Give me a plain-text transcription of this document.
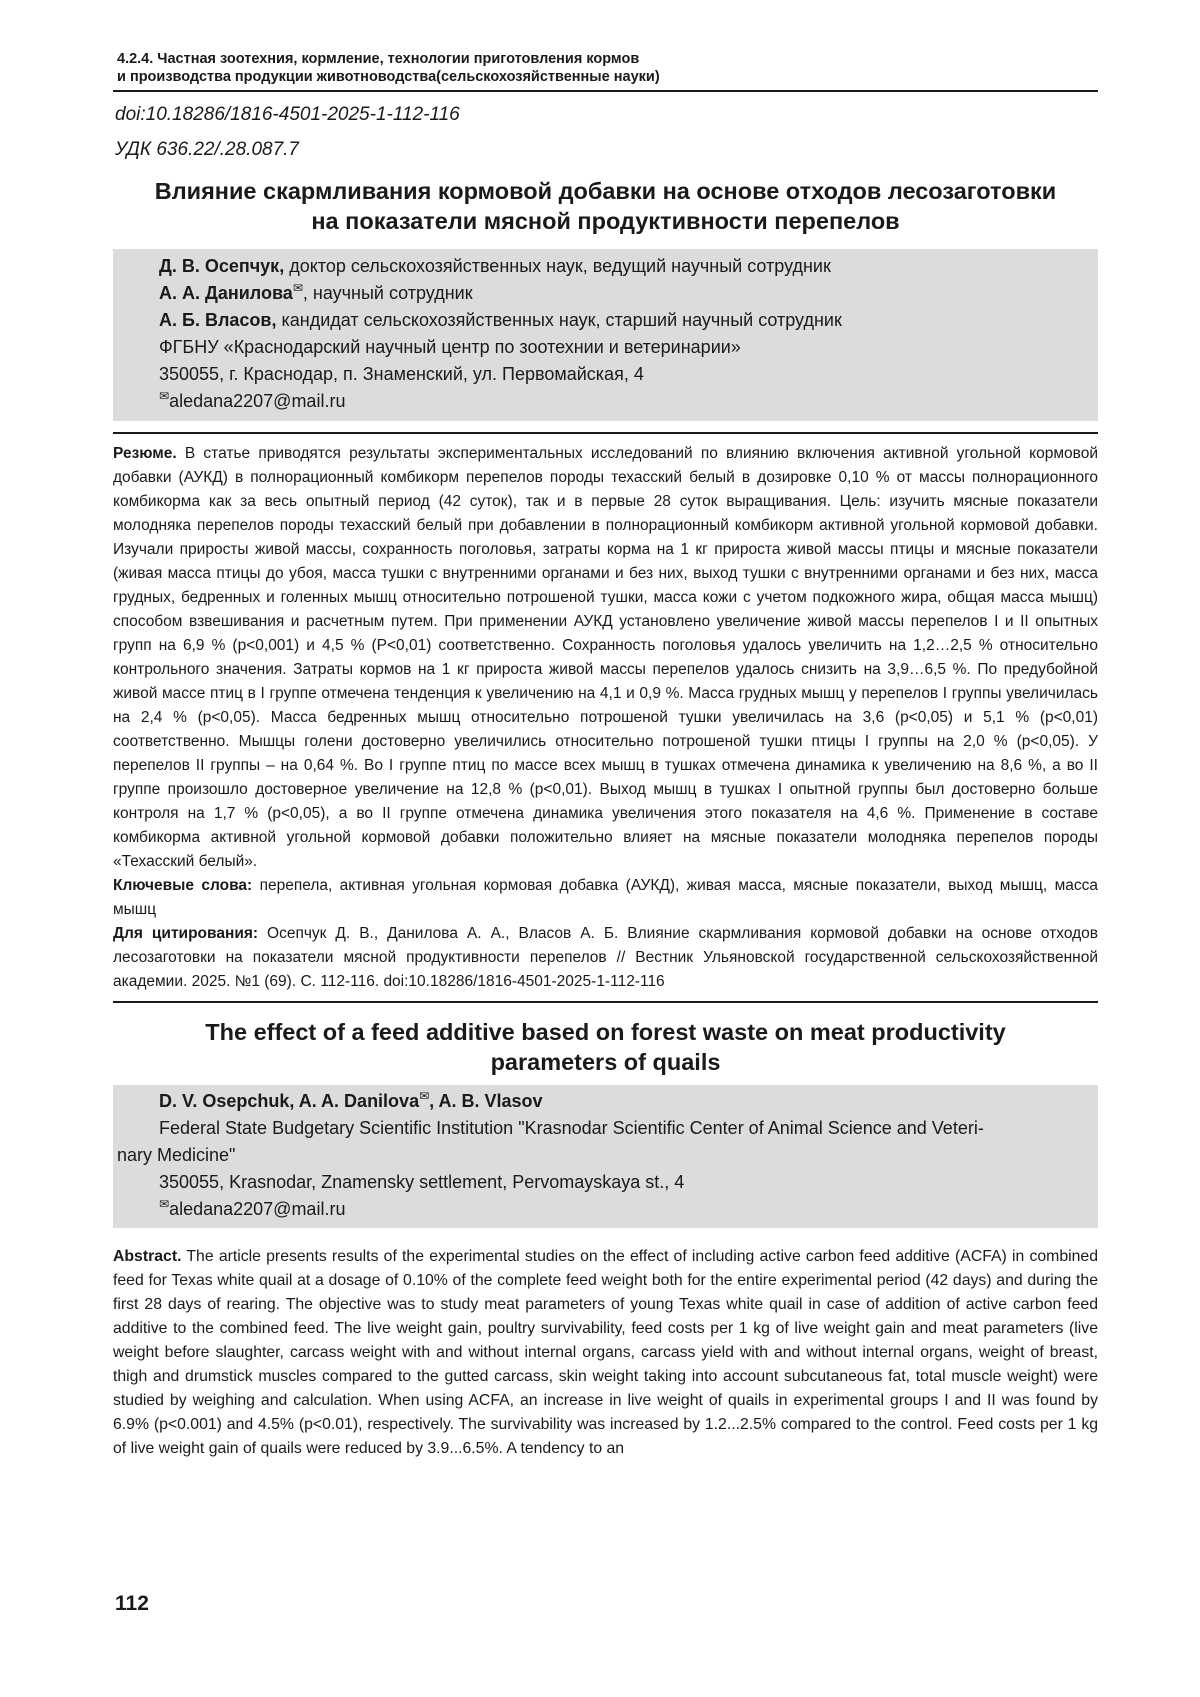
4.2.4. Частная зоотехния, кормление, технологии приготовления кормов
и производства продукции животноводства(сельскохозяйственные науки)
doi:10.18286/1816-4501-2025-1-112-116
УДК 636.22/.28.087.7
Влияние скармливания кормовой добавки на основе отходов лесозаготовки
на показатели мясной продуктивности перепелов
Д. В. Осепчук, доктор сельскохозяйственных наук, ведущий научный сотрудник
А. А. Данилова✉, научный сотрудник
А. Б. Власов, кандидат сельскохозяйственных наук, старший научный сотрудник
ФГБНУ «Краснодарский научный центр по зоотехнии и ветеринарии»
350055, г. Краснодар, п. Знаменский, ул. Первомайская, 4
✉aledana2207@mail.ru
Резюме. В статье приводятся результаты экспериментальных исследований по влиянию включения активной угольной кормовой добавки (АУКД) в полнорационный комбикорм перепелов породы техасский белый в дозировке 0,10 % от массы полнорационного комбикорма как за весь опытный период (42 суток), так и в первые 28 суток выращивания. Цель: изучить мясные показатели молодняка перепелов породы техасский белый при добавлении в полнорационный комбикорм активной угольной кормовой добавки. Изучали приросты живой массы, сохранность поголовья, затраты корма на 1 кг прироста живой массы птицы и мясные показатели (живая масса птицы до убоя, масса тушки с внутренними органами и без них, выход тушки с внутренними органами и без них, масса грудных, бедренных и голенных мышц относительно потрошеной тушки, масса кожи с учетом подкожного жира, общая масса мышц) способом взвешивания и расчетным путем. При применении АУКД установлено увеличение живой массы перепелов I и II опытных групп на 6,9 % (p<0,001) и 4,5 % (P<0,01) соответственно. Сохранность поголовья удалось увеличить на 1,2…2,5 % относительно контрольного значения. Затраты кормов на 1 кг прироста живой массы перепелов удалось снизить на 3,9…6,5 %. По предубойной живой массе птиц в I группе отмечена тенденция к увеличению на 4,1 и 0,9 %. Масса грудных мышц у перепелов I группы увеличилась на 2,4 % (p<0,05). Масса бедренных мышц относительно потрошеной тушки увеличилась на 3,6 (p<0,05) и 5,1 % (p<0,01) соответственно. Мышцы голени достоверно увеличились относительно потрошеной тушки птицы I группы на 2,0 % (p<0,05). У перепелов II группы – на 0,64 %. Во I группе птиц по массе всех мышц в тушках отмечена динамика к увеличению на 8,6 %, а во II группе произошло достоверное увеличение на 12,8 % (p<0,01). Выход мышц в тушках I опытной группы был достоверно больше контроля на 1,7 % (p<0,05), а во II группе отмечена динамика увеличения этого показателя на 4,6 %. Применение в составе комбикорма активной угольной кормовой добавки положительно влияет на мясные показатели молодняка перепелов породы «Техасский белый».
Ключевые слова: перепела, активная угольная кормовая добавка (АУКД), живая масса, мясные показатели, выход мышц, масса мышц
Для цитирования: Осепчук Д. В., Данилова А. А., Власов А. Б. Влияние скармливания кормовой добавки на основе отходов лесозаготовки на показатели мясной продуктивности перепелов // Вестник Ульяновской государственной сельскохозяйственной академии. 2025. №1 (69). С. 112-116. doi:10.18286/1816-4501-2025-1-112-116
The effect of a feed additive based on forest waste on meat productivity
parameters of quails
D. V. Osepchuk, A. A. Danilova✉, A. B. Vlasov
Federal State Budgetary Scientific Institution "Krasnodar Scientific Center of Animal Science and Veteri-
nary Medicine"
350055, Krasnodar, Znamensky settlement, Pervomayskaya st., 4
✉aledana2207@mail.ru
Abstract. The article presents results of the experimental studies on the effect of including active carbon feed additive (ACFA) in combined feed for Texas white quail at a dosage of 0.10% of the complete feed weight both for the entire experimental period (42 days) and during the first 28 days of rearing. The objective was to study meat parameters of young Texas white quail in case of addition of active carbon feed additive to the combined feed. The live weight gain, poultry survivability, feed costs per 1 kg of live weight gain and meat parameters (live weight before slaughter, carcass weight with and without internal organs, carcass yield with and without internal organs, weight of breast, thigh and drumstick muscles compared to the gutted carcass, skin weight taking into account subcutaneous fat, total muscle weight) were studied by weighing and calculation. When using ACFA, an increase in live weight of quails in experimental groups I and II was found by 6.9% (p<0.001) and 4.5% (p<0.01), respectively. The survivability was increased by 1.2...2.5% compared to the control. Feed costs per 1 kg of live weight gain of quails were reduced by 3.9...6.5%. A tendency to an
112
